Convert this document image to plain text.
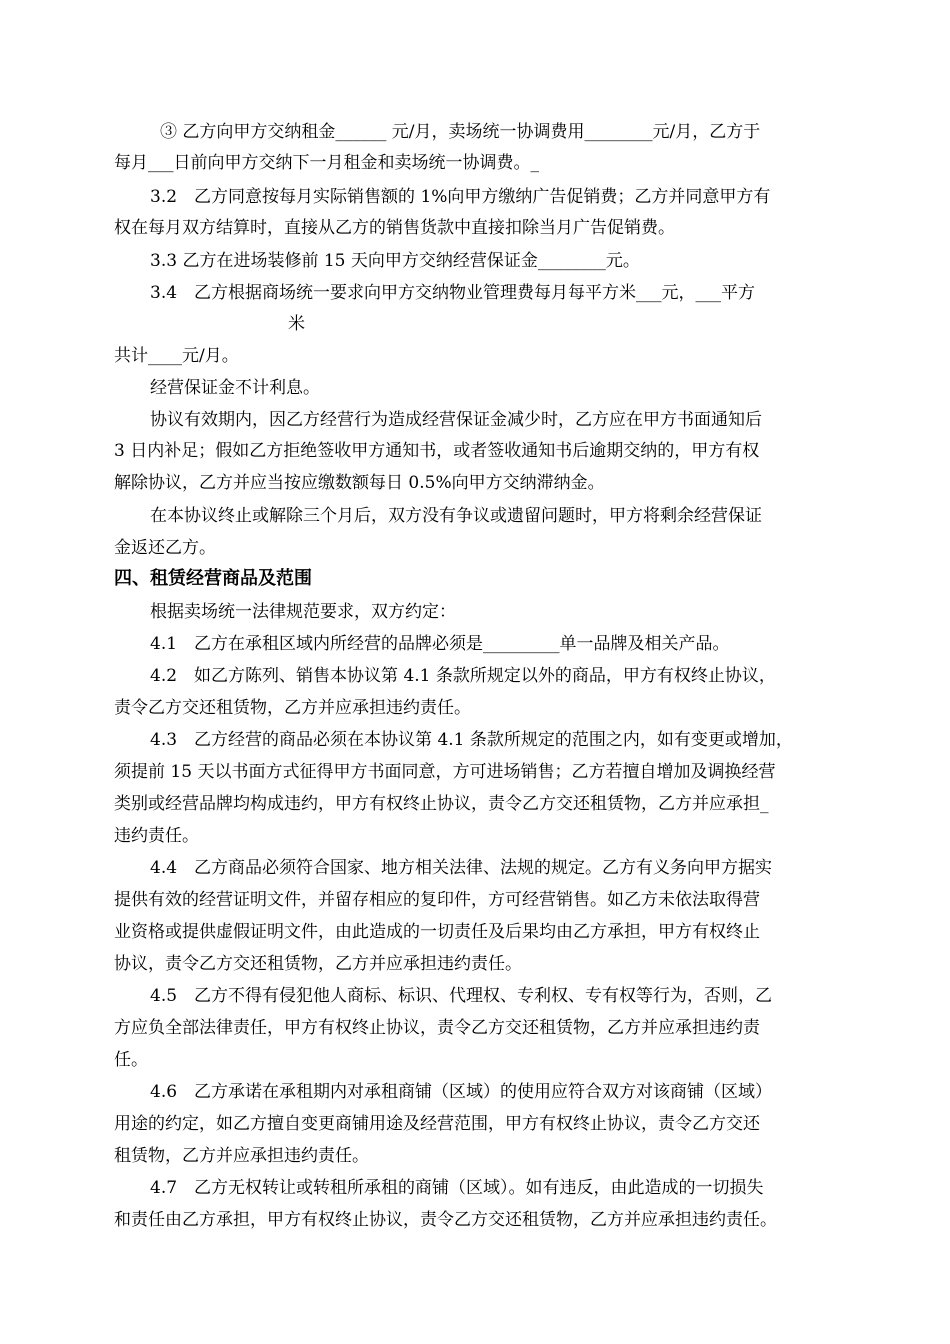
③ 乙方向甲方交纳租金______ 元/月，卖场统一协调费用________元/月，乙方于
每月___日前向甲方交纳下一月租金和卖场统一协调费。_
3.2　乙方同意按每月实际销售额的 1%向甲方缴纳广告促销费；乙方并同意甲方有
权在每月双方结算时，直接从乙方的销售货款中直接扣除当月广告促销费。
3.3 乙方在进场装修前 15 天向甲方交纳经营保证金________元。
3.4　乙方根据商场统一要求向甲方交纳物业管理费每月每平方米___元，___平方
米
共计____元/月。
经营保证金不计利息。
协议有效期内，因乙方经营行为造成经营保证金减少时，乙方应在甲方书面通知后
3 日内补足；假如乙方拒绝签收甲方通知书，或者签收通知书后逾期交纳的，甲方有权
解除协议，乙方并应当按应缴数额每日 0.5%向甲方交纳滞纳金。
在本协议终止或解除三个月后，双方没有争议或遗留问题时，甲方将剩余经营保证
金返还乙方。
四、租赁经营商品及范围
根据卖场统一法律规范要求，双方约定：
4.1　乙方在承租区域内所经营的品牌必须是_________单一品牌及相关产品。
4.2　如乙方陈列、销售本协议第 4.1 条款所规定以外的商品，甲方有权终止协议，
责令乙方交还租赁物，乙方并应承担违约责任。
4.3　乙方经营的商品必须在本协议第 4.1 条款所规定的范围之内，如有变更或增加，
须提前 15 天以书面方式征得甲方书面同意，方可进场销售；乙方若擅自增加及调换经营
类别或经营品牌均构成违约，甲方有权终止协议，责令乙方交还租赁物，乙方并应承担_
违约责任。
4.4　乙方商品必须符合国家、地方相关法律、法规的规定。乙方有义务向甲方据实
提供有效的经营证明文件，并留存相应的复印件，方可经营销售。如乙方未依法取得营
业资格或提供虚假证明文件，由此造成的一切责任及后果均由乙方承担，甲方有权终止
协议，责令乙方交还租赁物，乙方并应承担违约责任。
4.5　乙方不得有侵犯他人商标、标识、代理权、专利权、专有权等行为，否则，乙
方应负全部法律责任，甲方有权终止协议，责令乙方交还租赁物，乙方并应承担违约责
任。
4.6　乙方承诺在承租期内对承租商铺（区域）的使用应符合双方对该商铺（区域）
用途的约定，如乙方擅自变更商铺用途及经营范围，甲方有权终止协议，责令乙方交还
租赁物，乙方并应承担违约责任。
4.7　乙方无权转让或转租所承租的商铺（区域）。如有违反，由此造成的一切损失
和责任由乙方承担，甲方有权终止协议，责令乙方交还租赁物，乙方并应承担违约责任。
